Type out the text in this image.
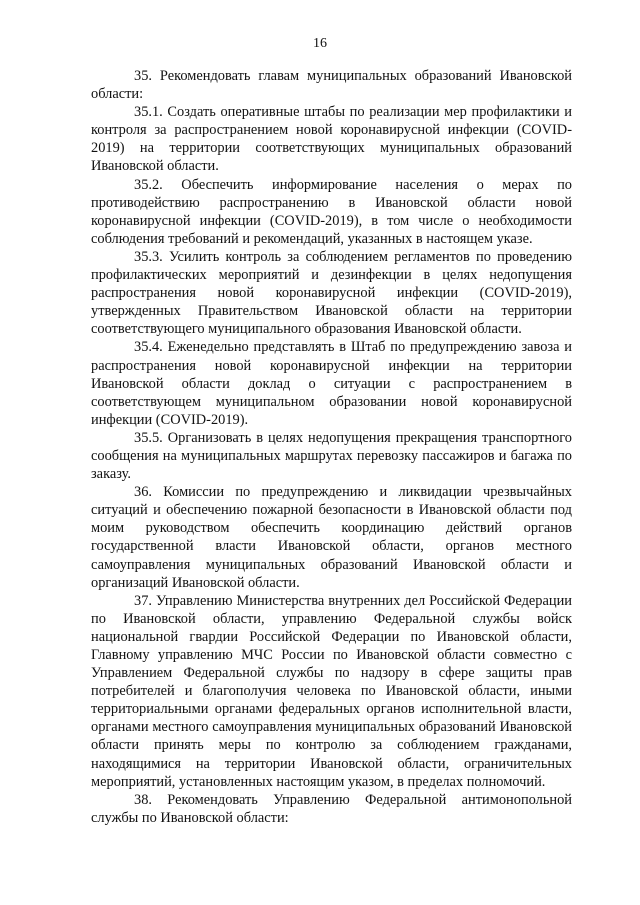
16

35. Рекомендовать главам муниципальных образований Ивановской области:

35.1. Создать оперативные штабы по реализации мер профилактики и контроля за распространением новой коронавирусной инфекции (COVID-2019) на территории соответствующих муниципальных образований Ивановской области.

35.2. Обеспечить информирование населения о мерах по противодействию распространению в Ивановской области новой коронавирусной инфекции (COVID-2019), в том числе о необходимости соблюдения требований и рекомендаций, указанных в настоящем указе.

35.3. Усилить контроль за соблюдением регламентов по проведению профилактических мероприятий и дезинфекции в целях недопущения распространения новой коронавирусной инфекции (COVID-2019), утвержденных Правительством Ивановской области на территории соответствующего муниципального образования Ивановской области.

35.4. Еженедельно представлять в Штаб по предупреждению завоза и распространения новой коронавирусной инфекции на территории Ивановской области доклад о ситуации с распространением в соответствующем муниципальном образовании новой коронавирусной инфекции (COVID-2019).

35.5. Организовать в целях недопущения прекращения транспортного сообщения на муниципальных маршрутах перевозку пассажиров и багажа по заказу.

36. Комиссии по предупреждению и ликвидации чрезвычайных ситуаций и обеспечению пожарной безопасности в Ивановской области под моим руководством обеспечить координацию действий органов государственной власти Ивановской области, органов местного самоуправления муниципальных образований Ивановской области и организаций Ивановской области.

37. Управлению Министерства внутренних дел Российской Федерации по Ивановской области, управлению Федеральной службы войск национальной гвардии Российской Федерации по Ивановской области, Главному управлению МЧС России по Ивановской области совместно с Управлением Федеральной службы по надзору в сфере защиты прав потребителей и благополучия человека по Ивановской области, иными территориальными органами федеральных органов исполнительной власти, органами местного самоуправления муниципальных образований Ивановской области принять меры по контролю за соблюдением гражданами, находящимися на территории Ивановской области, ограничительных мероприятий, установленных настоящим указом, в пределах полномочий.

38. Рекомендовать Управлению Федеральной антимонопольной службы по Ивановской области:
